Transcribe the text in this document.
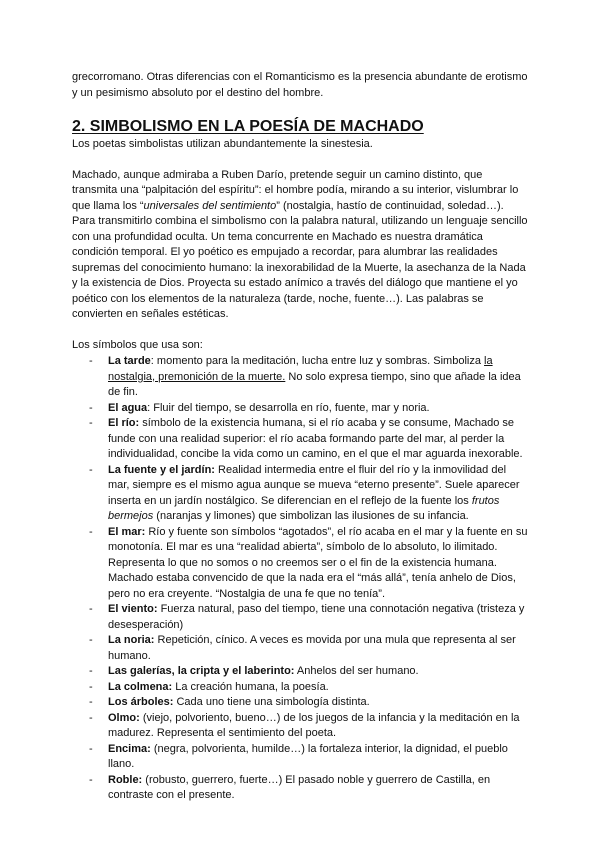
grecorromano. Otras diferencias con el Romanticismo es la presencia abundante de erotismo y un pesimismo absoluto por el destino del hombre.

2. SIMBOLISMO EN LA POESÍA DE MACHADO

Los poetas simbolistas utilizan abundantemente la sinestesia.

Machado, aunque admiraba a Ruben Darío, pretende seguir un camino distinto, que transmita una “palpitación del espíritu”: el hombre podía, mirando a su interior, vislumbrar lo que llama los “universales del sentimiento” (nostalgia, hastío de continuidad, soledad…). Para transmitirlo combina el simbolismo con la palabra natural, utilizando un lenguaje sencillo con una profundidad oculta. Un tema concurrente en Machado es nuestra dramática condición temporal. El yo poético es empujado a recordar, para alumbrar las realidades supremas del conocimiento humano: la inexorabilidad de la Muerte, la asechanza de la Nada y la existencia de Dios. Proyecta su estado anímico a través del diálogo que mantiene el yo poético con los elementos de la naturaleza (tarde, noche, fuente…). Las palabras se convierten en señales estéticas.

Los símbolos que usa son:

- La tarde: momento para la meditación, lucha entre luz y sombras. Simboliza la nostalgia, premonición de la muerte. No solo expresa tiempo, sino que añade la idea de fin.
- El agua: Fluir del tiempo, se desarrolla en río, fuente, mar y noria.
- El río: símbolo de la existencia humana, si el río acaba y se consume, Machado se funde con una realidad superior: el río acaba formando parte del mar, al perder la individualidad, concibe la vida como un camino, en el que el mar aguarda inexorable.
- La fuente y el jardín: Realidad intermedia entre el fluir del río y la inmovilidad del mar, siempre es el mismo agua aunque se mueva “eterno presente”. Suele aparecer inserta en un jardín nostálgico. Se diferencian en el reflejo de la fuente los frutos bermejos (naranjas y limones) que simbolizan las ilusiones de su infancia.
- El mar: Río y fuente son símbolos “agotados”, el río acaba en el mar y la fuente en su monotonía. El mar es una “realidad abierta”, símbolo de lo absoluto, lo ilimitado. Representa lo que no somos o no creemos ser o el fin de la existencia humana. Machado estaba convencido de que la nada era el “más allá”, tenía anhelo de Dios, pero no era creyente. “Nostalgia de una fe que no tenía”.
- El viento: Fuerza natural, paso del tiempo, tiene una connotación negativa (tristeza y desesperación)
- La noria: Repetición, cínico. A veces es movida por una mula que representa al ser humano.
- Las galerías, la cripta y el laberinto: Anhelos del ser humano.
- La colmena: La creación humana, la poesía.
- Los árboles: Cada uno tiene una simbología distinta.
- Olmo: (viejo, polvoriento, bueno…) de los juegos de la infancia y la meditación en la madurez. Representa el sentimiento del poeta.
- Encima: (negra, polvorienta, humilde…) la fortaleza interior, la dignidad, el pueblo llano.
- Roble: (robusto, guerrero, fuerte…) El pasado noble y guerrero de Castilla, en contraste con el presente.
